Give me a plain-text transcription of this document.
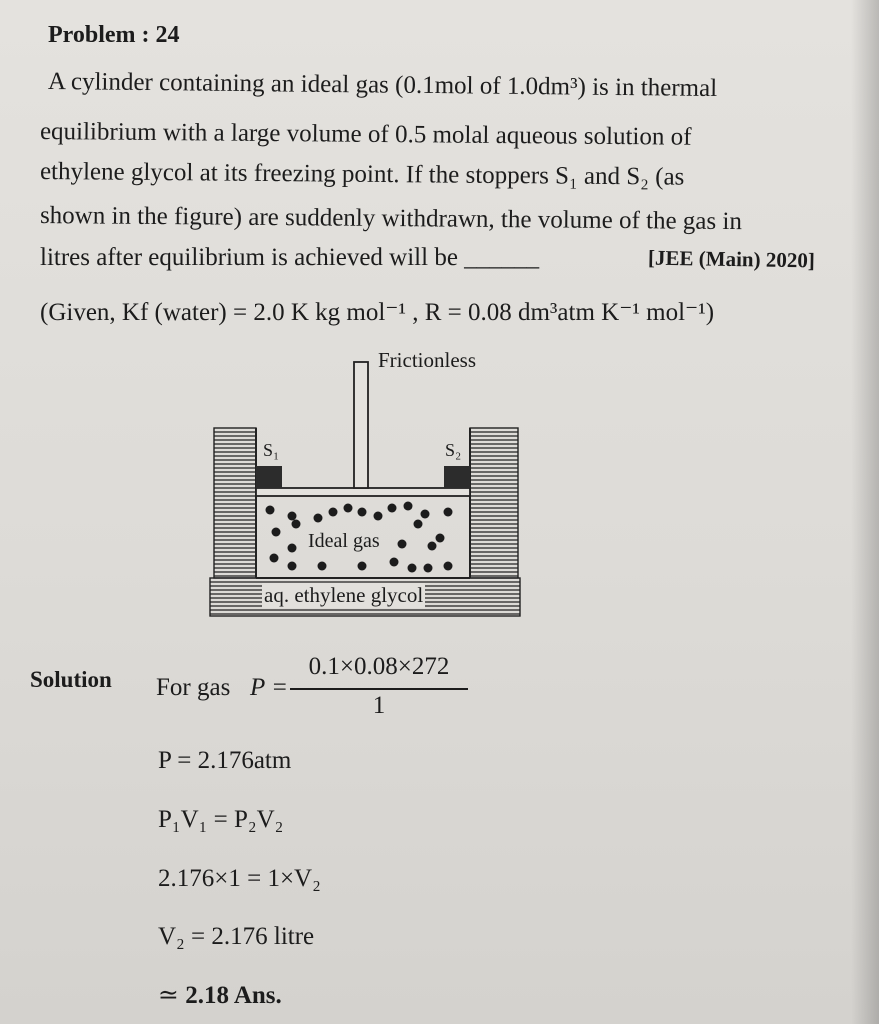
Problem : 24
A cylinder containing an ideal gas (0.1mol of 1.0dm³) is in thermal
equilibrium with a large volume of 0.5 molal aqueous solution of
ethylene glycol at its freezing point. If the stoppers S₁ and S₂ (as
shown in the figure) are suddenly withdrawn, the volume of the gas in
litres after equilibrium is achieved will be ______	[JEE (Main) 2020]
(Given, Kf (water) = 2.0 K kg mol⁻¹ , R = 0.08 dm³atm K⁻¹ mol⁻¹)
Frictionless
S₁	S₂
Ideal gas
aq. ethylene glycol
Solution For gas P =
0.1×0.08×272
1
P = 2.176atm
P₁V₁ = P₂V₂
2.176×1 = 1×V₂
V₂ = 2.176 litre
≃ 2.18 Ans.
